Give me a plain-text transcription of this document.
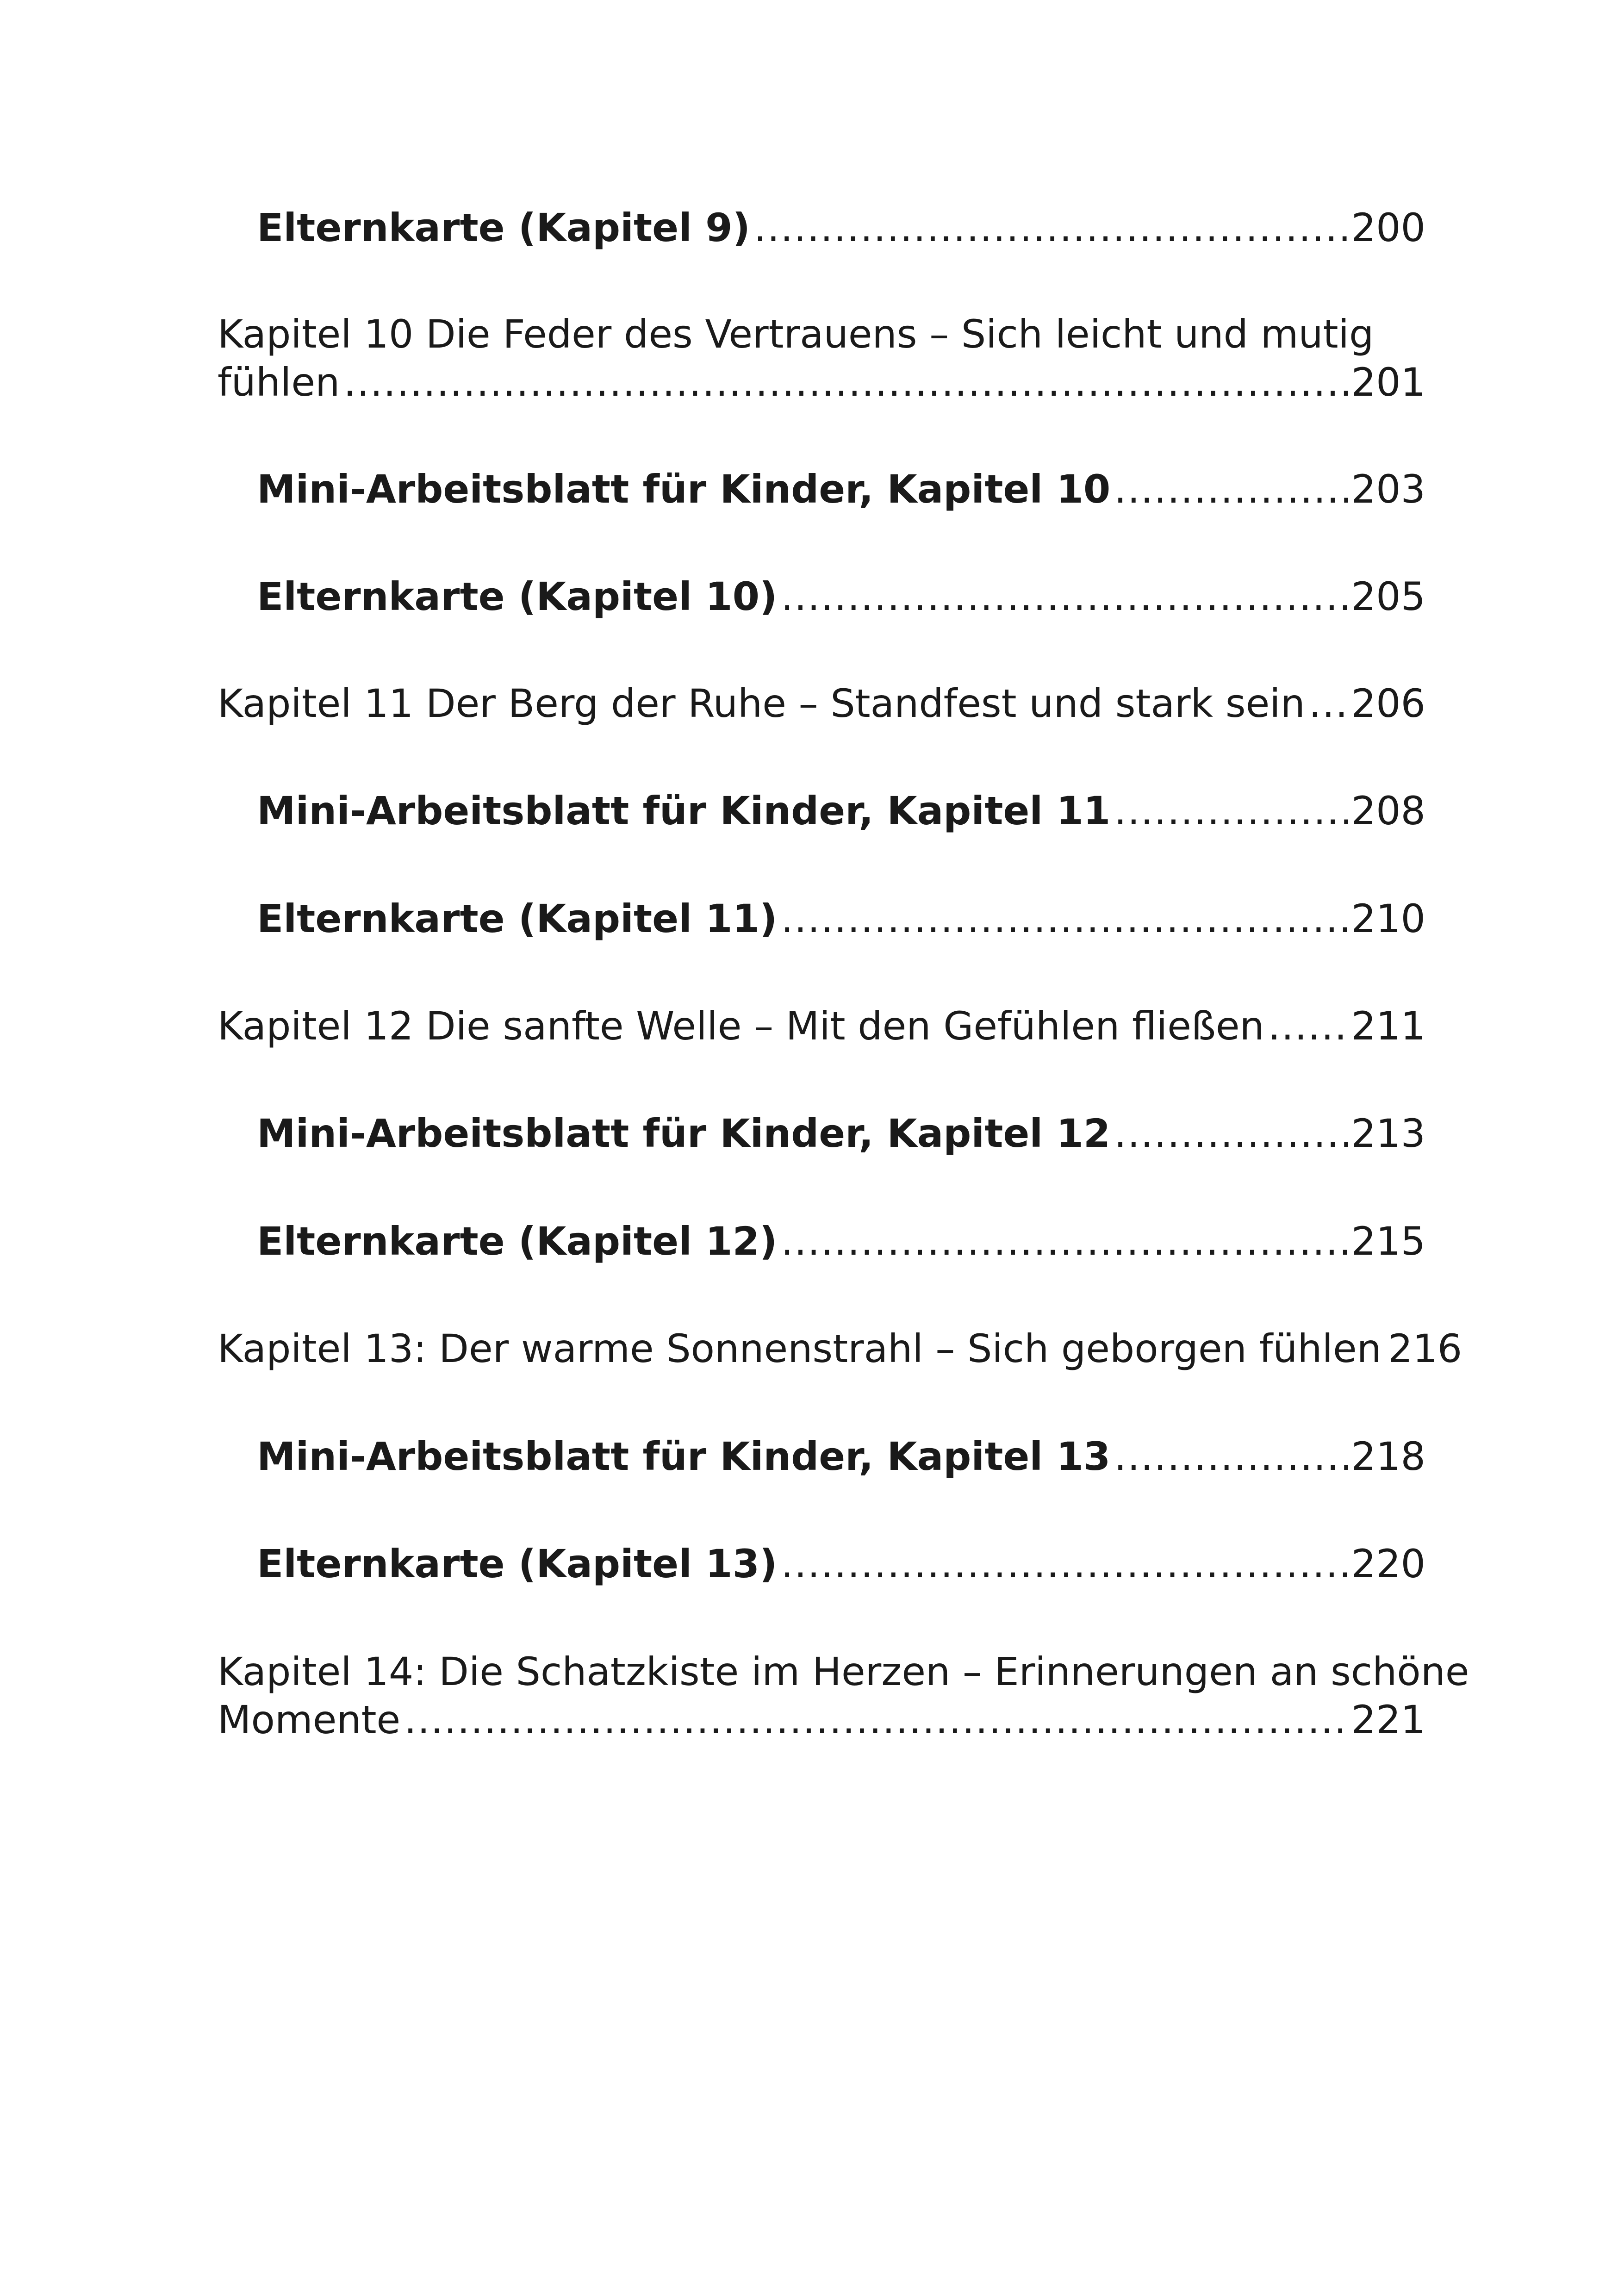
Elternkarte (Kapitel 9) .....	200
Kapitel 10 Die Feder des Vertrauens – Sich leicht und mutig
fühlen .....	201
Mini-Arbeitsblatt für Kinder, Kapitel 10 .....	203
Elternkarte (Kapitel 10) .....	205
Kapitel 11 Der Berg der Ruhe – Standfest und stark sein ..... 206
Mini-Arbeitsblatt für Kinder, Kapitel 11 .....	208
Elternkarte (Kapitel 11) .....	210
Kapitel 12 Die sanfte Welle – Mit den Gefühlen fließen ..... 211
Mini-Arbeitsblatt für Kinder, Kapitel 12 .....	213
Elternkarte (Kapitel 12) .....	215
Kapitel 13: Der warme Sonnenstrahl – Sich geborgen fühlen 216
Mini-Arbeitsblatt für Kinder, Kapitel 13 .....	218
Elternkarte (Kapitel 13) .....	220
Kapitel 14: Die Schatzkiste im Herzen – Erinnerungen an schöne
Momente .....	221
